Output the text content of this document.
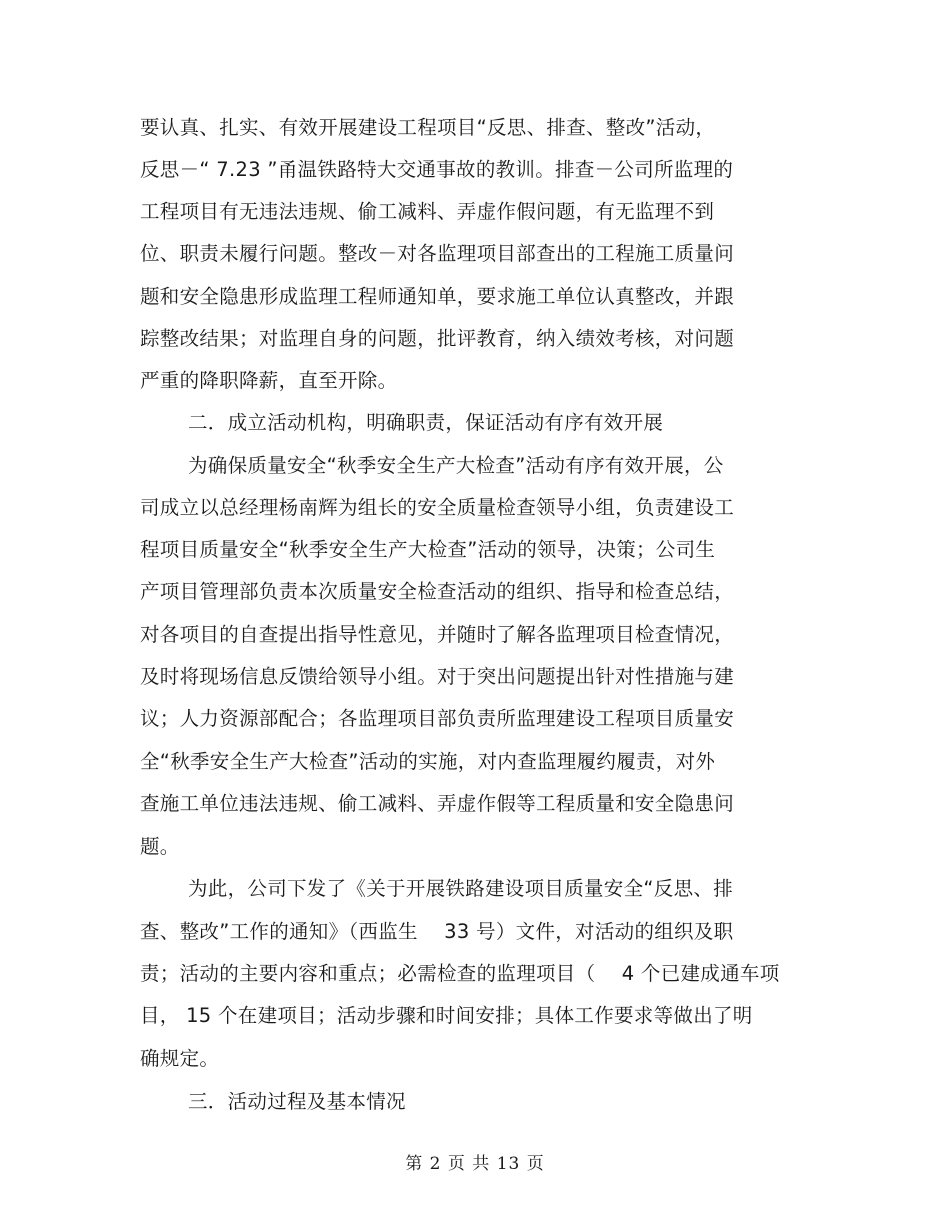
要认真、扎实、有效开展建设工程项目“反思、排查、整改”活动，
反思－“ 7.23 ”甬温铁路特大交通事故的教训。排查－公司所监理的
工程项目有无违法违规、偷工减料、弄虚作假问题，有无监理不到
位、职责未履行问题。整改－对各监理项目部查出的工程施工质量问
题和安全隐患形成监理工程师通知单，要求施工单位认真整改，并跟
踪整改结果；对监理自身的问题，批评教育，纳入绩效考核，对问题
严重的降职降薪，直至开除。
二．成立活动机构，明确职责，保证活动有序有效开展
为确保质量安全“秋季安全生产大检查”活动有序有效开展，公
司成立以总经理杨南辉为组长的安全质量检查领导小组，负责建设工
程项目质量安全“秋季安全生产大检查”活动的领导，决策；公司生
产项目管理部负责本次质量安全检查活动的组织、指导和检查总结，
对各项目的自查提出指导性意见，并随时了解各监理项目检查情况，
及时将现场信息反馈给领导小组。对于突出问题提出针对性措施与建
议；人力资源部配合；各监理项目部负责所监理建设工程项目质量安
全“秋季安全生产大检查”活动的实施，对内查监理履约履责，对外
查施工单位违法违规、偷工减料、弄虚作假等工程质量和安全隐患问
题。
为此，公司下发了《关于开展铁路建设项目质量安全“反思、排
查、整改”工作的通知》（西监生　 33 号）文件，对活动的组织及职
责；活动的主要内容和重点；必需检查的监理项目（　 4 个已建成通车项
目， 15 个在建项目；活动步骤和时间安排；具体工作要求等做出了明
确规定。
三．活动过程及基本情况
第 2 页 共 13 页
